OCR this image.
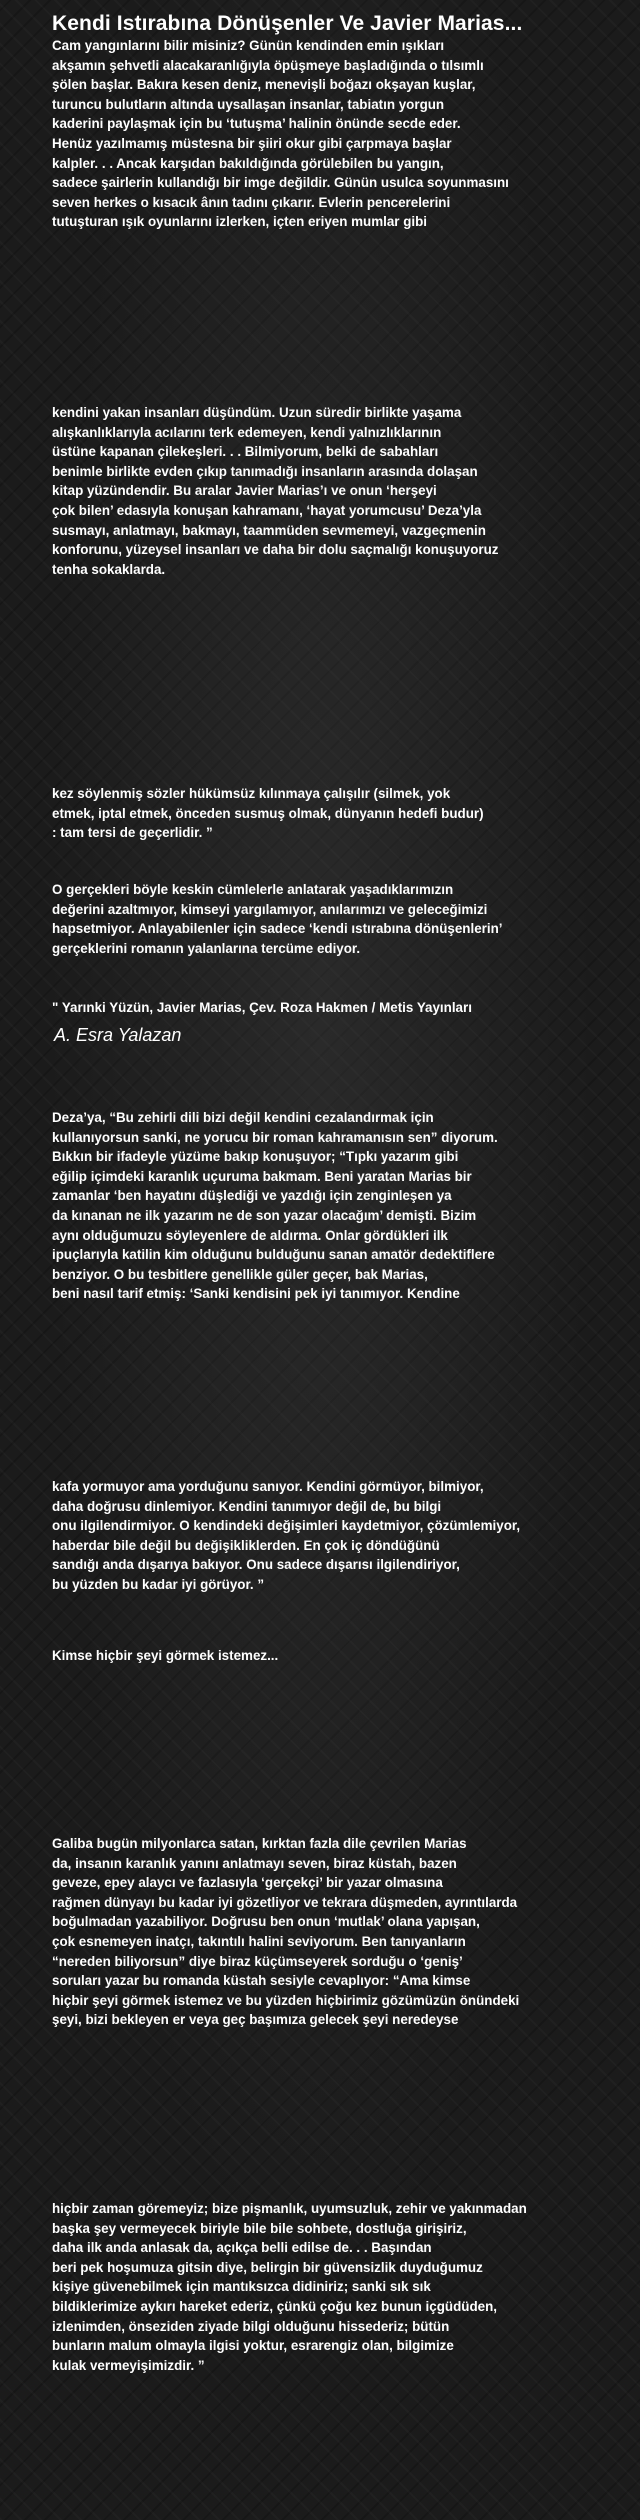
Kendi Istırabına Dönüşenler Ve Javier Marias...
Cam yangınlarını bilir misiniz? Günün kendinden emin ışıkları
akşamın şehvetli alacakaranlığıyla öpüşmeye başladığında o tılsımlı
şölen başlar. Bakıra kesen deniz, menevişli boğazı okşayan kuşlar,
turuncu bulutların altında uysallaşan insanlar, tabiatın yorgun
kaderini paylaşmak için bu ‘tutuşma’ halinin önünde secde eder.
Henüz yazılmamış müstesna bir şiiri okur gibi çarpmaya başlar
kalpler. . . Ancak karşıdan bakıldığında görülebilen bu yangın,
sadece şairlerin kullandığı bir imge değildir. Günün usulca soyunmasını
seven herkes o kısacık ânın tadını çıkarır. Evlerin pencerelerini
tutuşturan ışık oyunlarını izlerken, içten eriyen mumlar gibi
kendini yakan insanları düşündüm. Uzun süredir birlikte yaşama
alışkanlıklarıyla acılarını terk edemeyen, kendi yalnızlıklarının
üstüne kapanan çilekeşleri. . . Bilmiyorum, belki de sabahları
benimle birlikte evden çıkıp tanımadığı insanların arasında dolaşan
kitap yüzündendir. Bu aralar Javier Marias’ı ve onun ‘herşeyi
çok bilen’ edasıyla konuşan kahramanı, ‘hayat yorumcusu’ Deza’yla
susmayı, anlatmayı, bakmayı, taammüden sevmemeyi, vazgeçmenin
konforunu, yüzeysel insanları ve daha bir dolu saçmalığı konuşuyoruz
tenha sokaklarda.
kez söylenmiş sözler hükümsüz kılınmaya çalışılır (silmek, yok
etmek, iptal etmek, önceden susmuş olmak, dünyanın hedefi budur)
: tam tersi de geçerlidir. ”
O gerçekleri böyle keskin cümlelerle anlatarak yaşadıklarımızın
değerini azaltmıyor, kimseyi yargılamıyor, anılarımızı ve geleceğimizi
hapsetmiyor. Anlayabilenler için sadece ‘kendi ıstırabına dönüşenlerin’
gerçeklerini romanın yalanlarına tercüme ediyor.
" Yarınki Yüzün, Javier Marias, Çev. Roza Hakmen / Metis Yayınları
A. Esra Yalazan
Deza’ya, “Bu zehirli dili bizi değil kendini cezalandırmak için
kullanıyorsun sanki, ne yorucu bir roman kahramanısın sen” diyorum.
Bıkkın bir ifadeyle yüzüme bakıp konuşuyor; “Tıpkı yazarım gibi
eğilip içimdeki karanlık uçuruma bakmam. Beni yaratan Marias bir
zamanlar ‘ben hayatını düşlediği ve yazdığı için zenginleşen ya
da kınanan ne ilk yazarım ne de son yazar olacağım’ demişti. Bizim
aynı olduğumuzu söyleyenlere de aldırma. Onlar gördükleri ilk
ipuçlarıyla katilin kim olduğunu bulduğunu sanan amatör dedektiflere
benziyor. O bu tesbitlere genellikle güler geçer, bak Marias,
beni nasıl tarif etmiş: ‘Sanki kendisini pek iyi tanımıyor. Kendine
kafa yormuyor ama yorduğunu sanıyor. Kendini görmüyor, bilmiyor,
daha doğrusu dinlemiyor. Kendini tanımıyor değil de, bu bilgi
onu ilgilendirmiyor. O kendindeki değişimleri kaydetmiyor, çözümlemiyor,
haberdar bile değil bu değişikliklerden. En çok iç döndüğünü
sandığı anda dışarıya bakıyor. Onu sadece dışarısı ilgilendiriyor,
bu yüzden bu kadar iyi görüyor. ”
Kimse hiçbir şeyi görmek istemez...
Galiba bugün milyonlarca satan, kırktan fazla dile çevrilen Marias
da, insanın karanlık yanını anlatmayı seven, biraz küstah, bazen
geveze, epey alaycı ve fazlasıyla ‘gerçekçi’ bir yazar olmasına
rağmen dünyayı bu kadar iyi gözetliyor ve tekrara düşmeden, ayrıntılarda
boğulmadan yazabiliyor. Doğrusu ben onun ‘mutlak’ olana yapışan,
çok esnemeyen inatçı, takıntılı halini seviyorum. Ben tanıyanların
“nereden biliyorsun” diye biraz küçümseyerek sorduğu o ‘geniş’
soruları yazar bu romanda küstah sesiyle cevaplıyor: “Ama kimse
hiçbir şeyi görmek istemez ve bu yüzden hiçbirimiz gözümüzün önündeki
şeyi, bizi bekleyen er veya geç başımıza gelecek şeyi neredeyse
hiçbir zaman göremeyiz; bize pişmanlık, uyumsuzluk, zehir ve yakınmadan
başka şey vermeyecek biriyle bile bile sohbete, dostluğa girişiriz,
daha ilk anda anlasak da, açıkça belli edilse de. . . Başından
beri pek hoşumuza gitsin diye, belirgin bir güvensizlik duyduğumuz
kişiye güvenebilmek için mantıksızca didiniriz; sanki sık sık
bildiklerimize aykırı hareket ederiz, çünkü çoğu kez bunun içgüdüden,
izlenimden, önseziden ziyade bilgi olduğunu hissederiz; bütün
bunların malum olmayla ilgisi yoktur, esrarengiz olan, bilgimize
kulak vermeyişimizdir. ”
